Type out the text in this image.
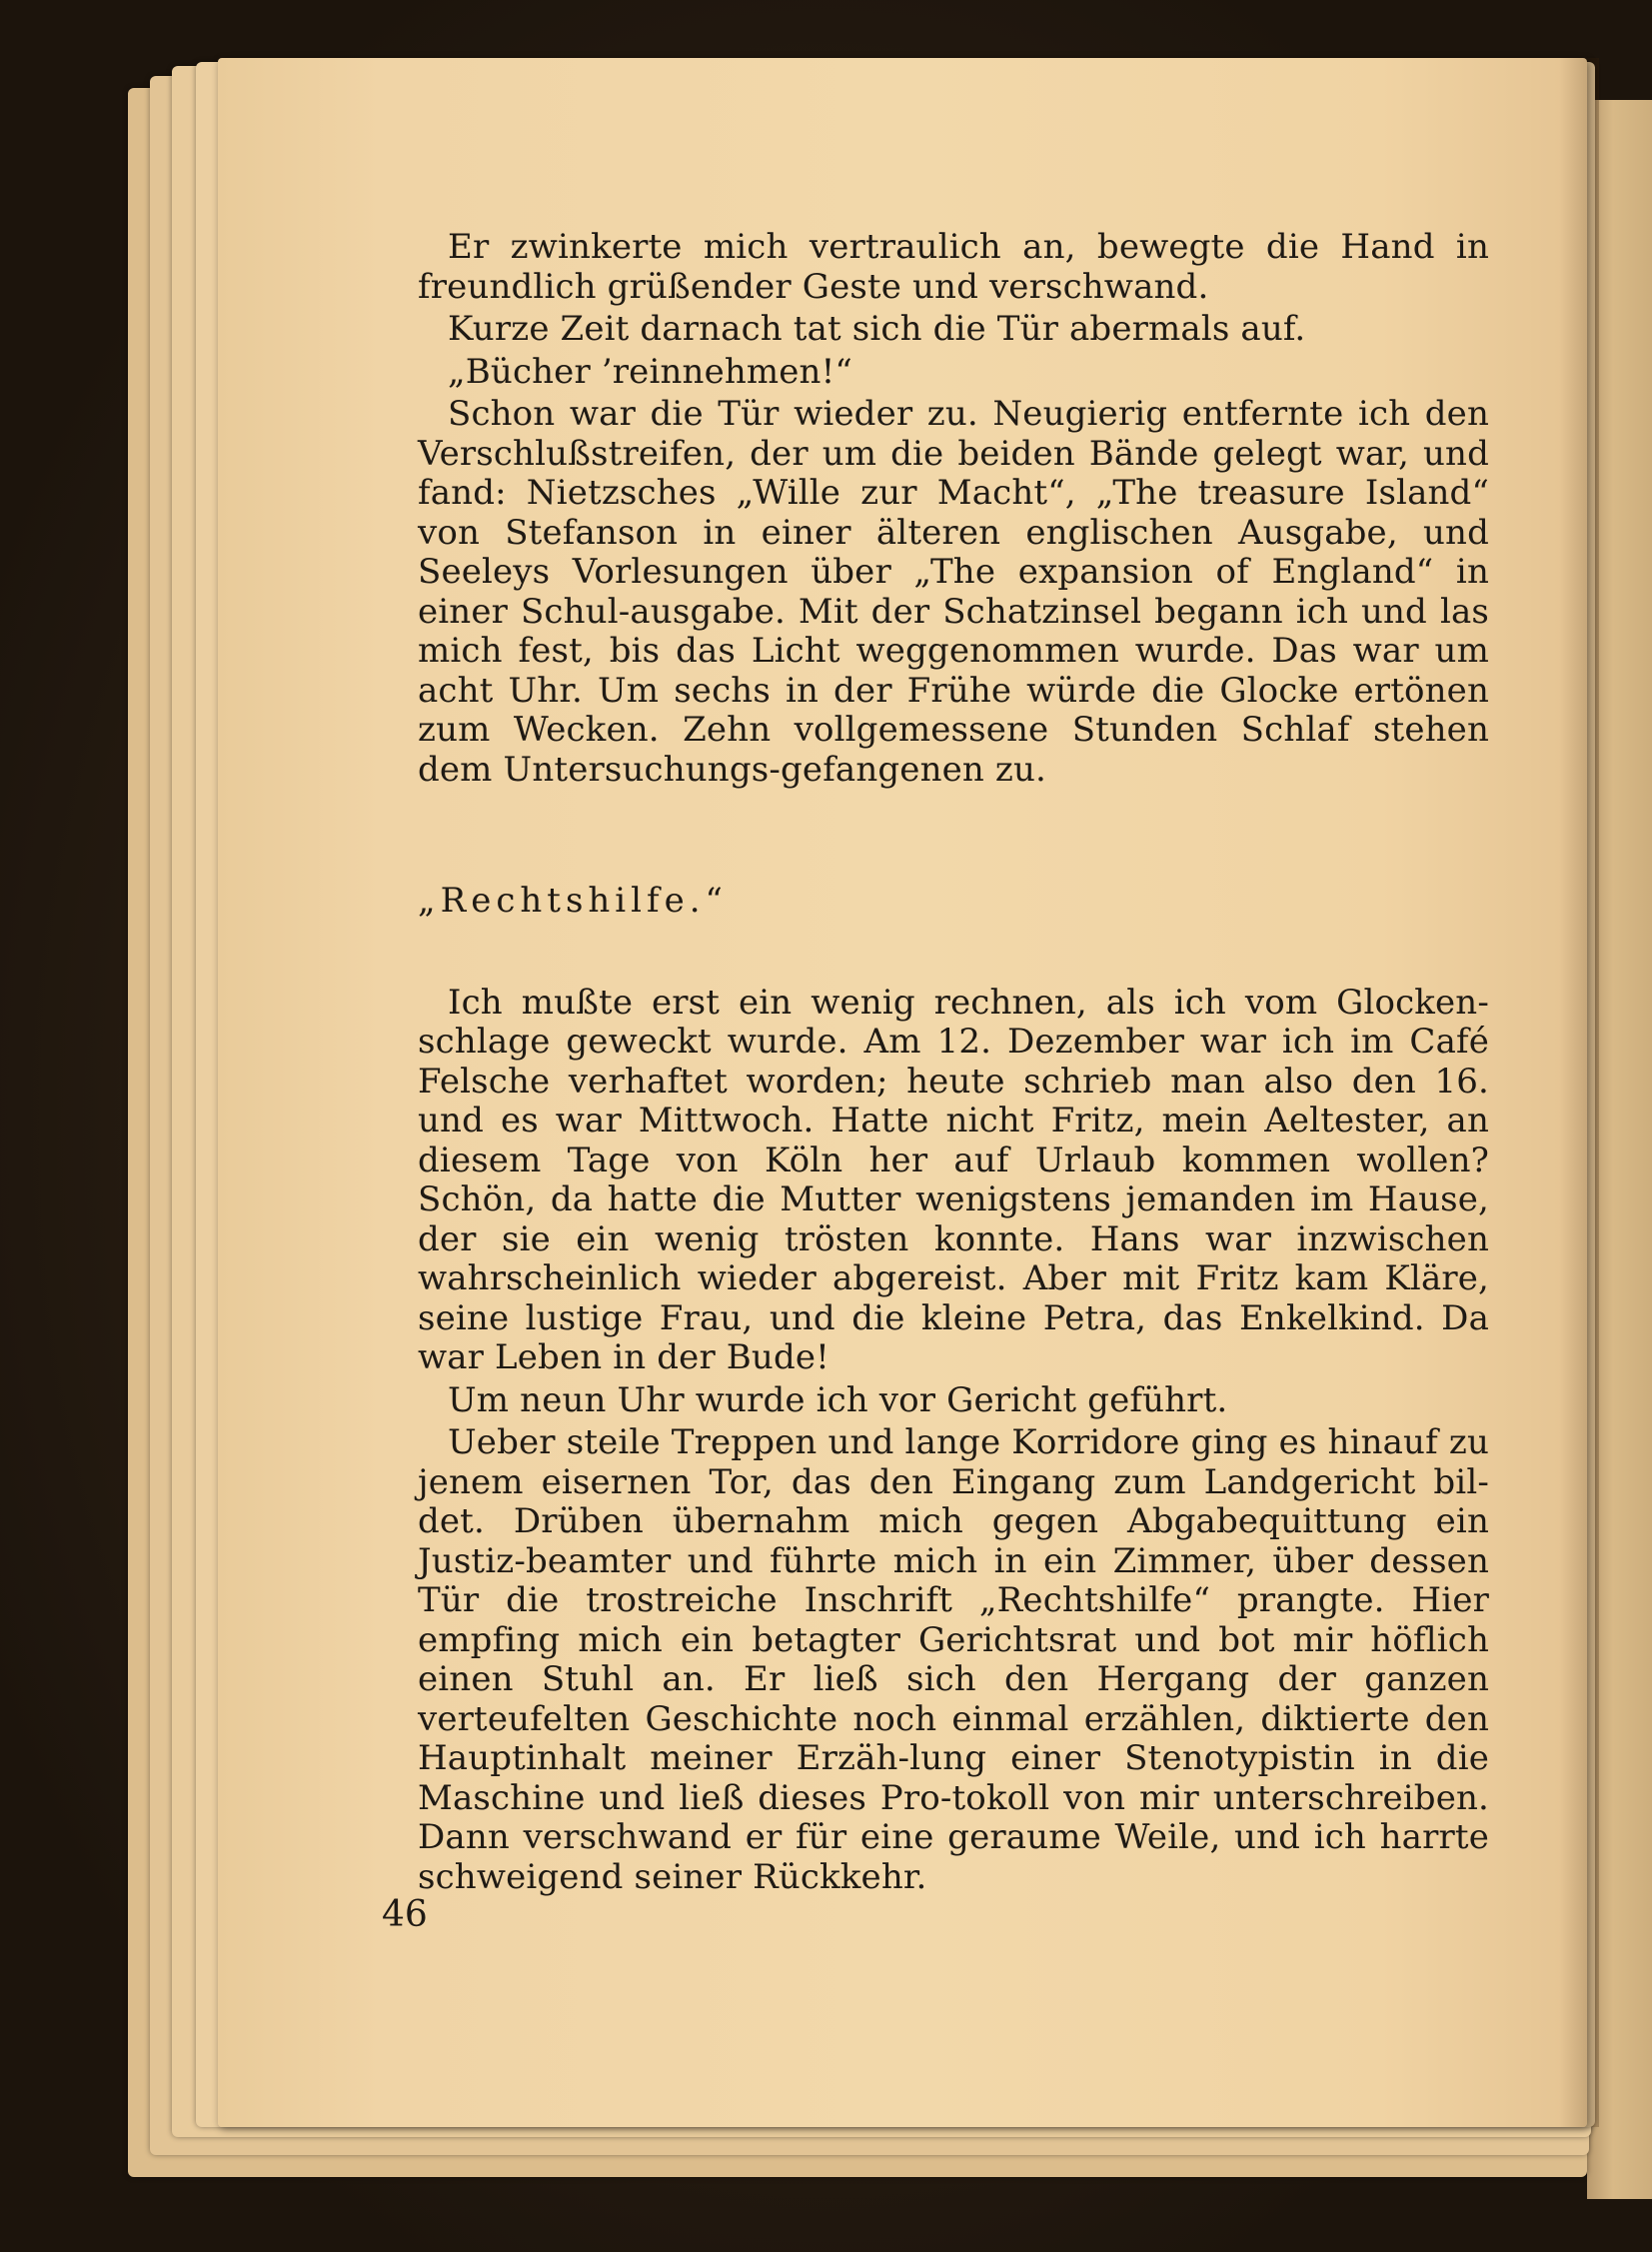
Er zwinkerte mich vertraulich an, bewegte die Hand in freundlich grüßender Geste und verschwand.

Kurze Zeit darnach tat sich die Tür abermals auf.

„Bücher ’reinnehmen!“

Schon war die Tür wieder zu. Neugierig entfernte ich den Verschlußstreifen, der um die beiden Bände gelegt war, und fand: Nietzsches „Wille zur Macht“, „The treasure Island“ von Stefanson in einer älteren englischen Ausgabe, und Seeleys Vorlesungen über „The expansion of England“ in einer Schul-ausgabe. Mit der Schatzinsel begann ich und las mich fest, bis das Licht weggenommen wurde. Das war um acht Uhr. Um sechs in der Frühe würde die Glocke ertönen zum Wecken. Zehn vollgemessene Stunden Schlaf stehen dem Untersuchungs-gefangenen zu.

„Rechtshilfe.“

Ich mußte erst ein wenig rechnen, als ich vom Glocken-schlage geweckt wurde. Am 12. Dezember war ich im Café Felsche verhaftet worden; heute schrieb man also den 16. und es war Mittwoch. Hatte nicht Fritz, mein Aeltester, an diesem Tage von Köln her auf Urlaub kommen wollen? Schön, da hatte die Mutter wenigstens jemanden im Hause, der sie ein wenig trösten konnte. Hans war inzwischen wahrscheinlich wieder abgereist. Aber mit Fritz kam Kläre, seine lustige Frau, und die kleine Petra, das Enkelkind. Da war Leben in der Bude!

Um neun Uhr wurde ich vor Gericht geführt.

Ueber steile Treppen und lange Korridore ging es hinauf zu jenem eisernen Tor, das den Eingang zum Landgericht bil-det. Drüben übernahm mich gegen Abgabequittung ein Justiz-beamter und führte mich in ein Zimmer, über dessen Tür die trostreiche Inschrift „Rechtshilfe“ prangte. Hier empfing mich ein betagter Gerichtsrat und bot mir höflich einen Stuhl an. Er ließ sich den Hergang der ganzen verteufelten Geschichte noch einmal erzählen, diktierte den Hauptinhalt meiner Erzäh-lung einer Stenotypistin in die Maschine und ließ dieses Pro-tokoll von mir unterschreiben. Dann verschwand er für eine geraume Weile, und ich harrte schweigend seiner Rückkehr.

46
